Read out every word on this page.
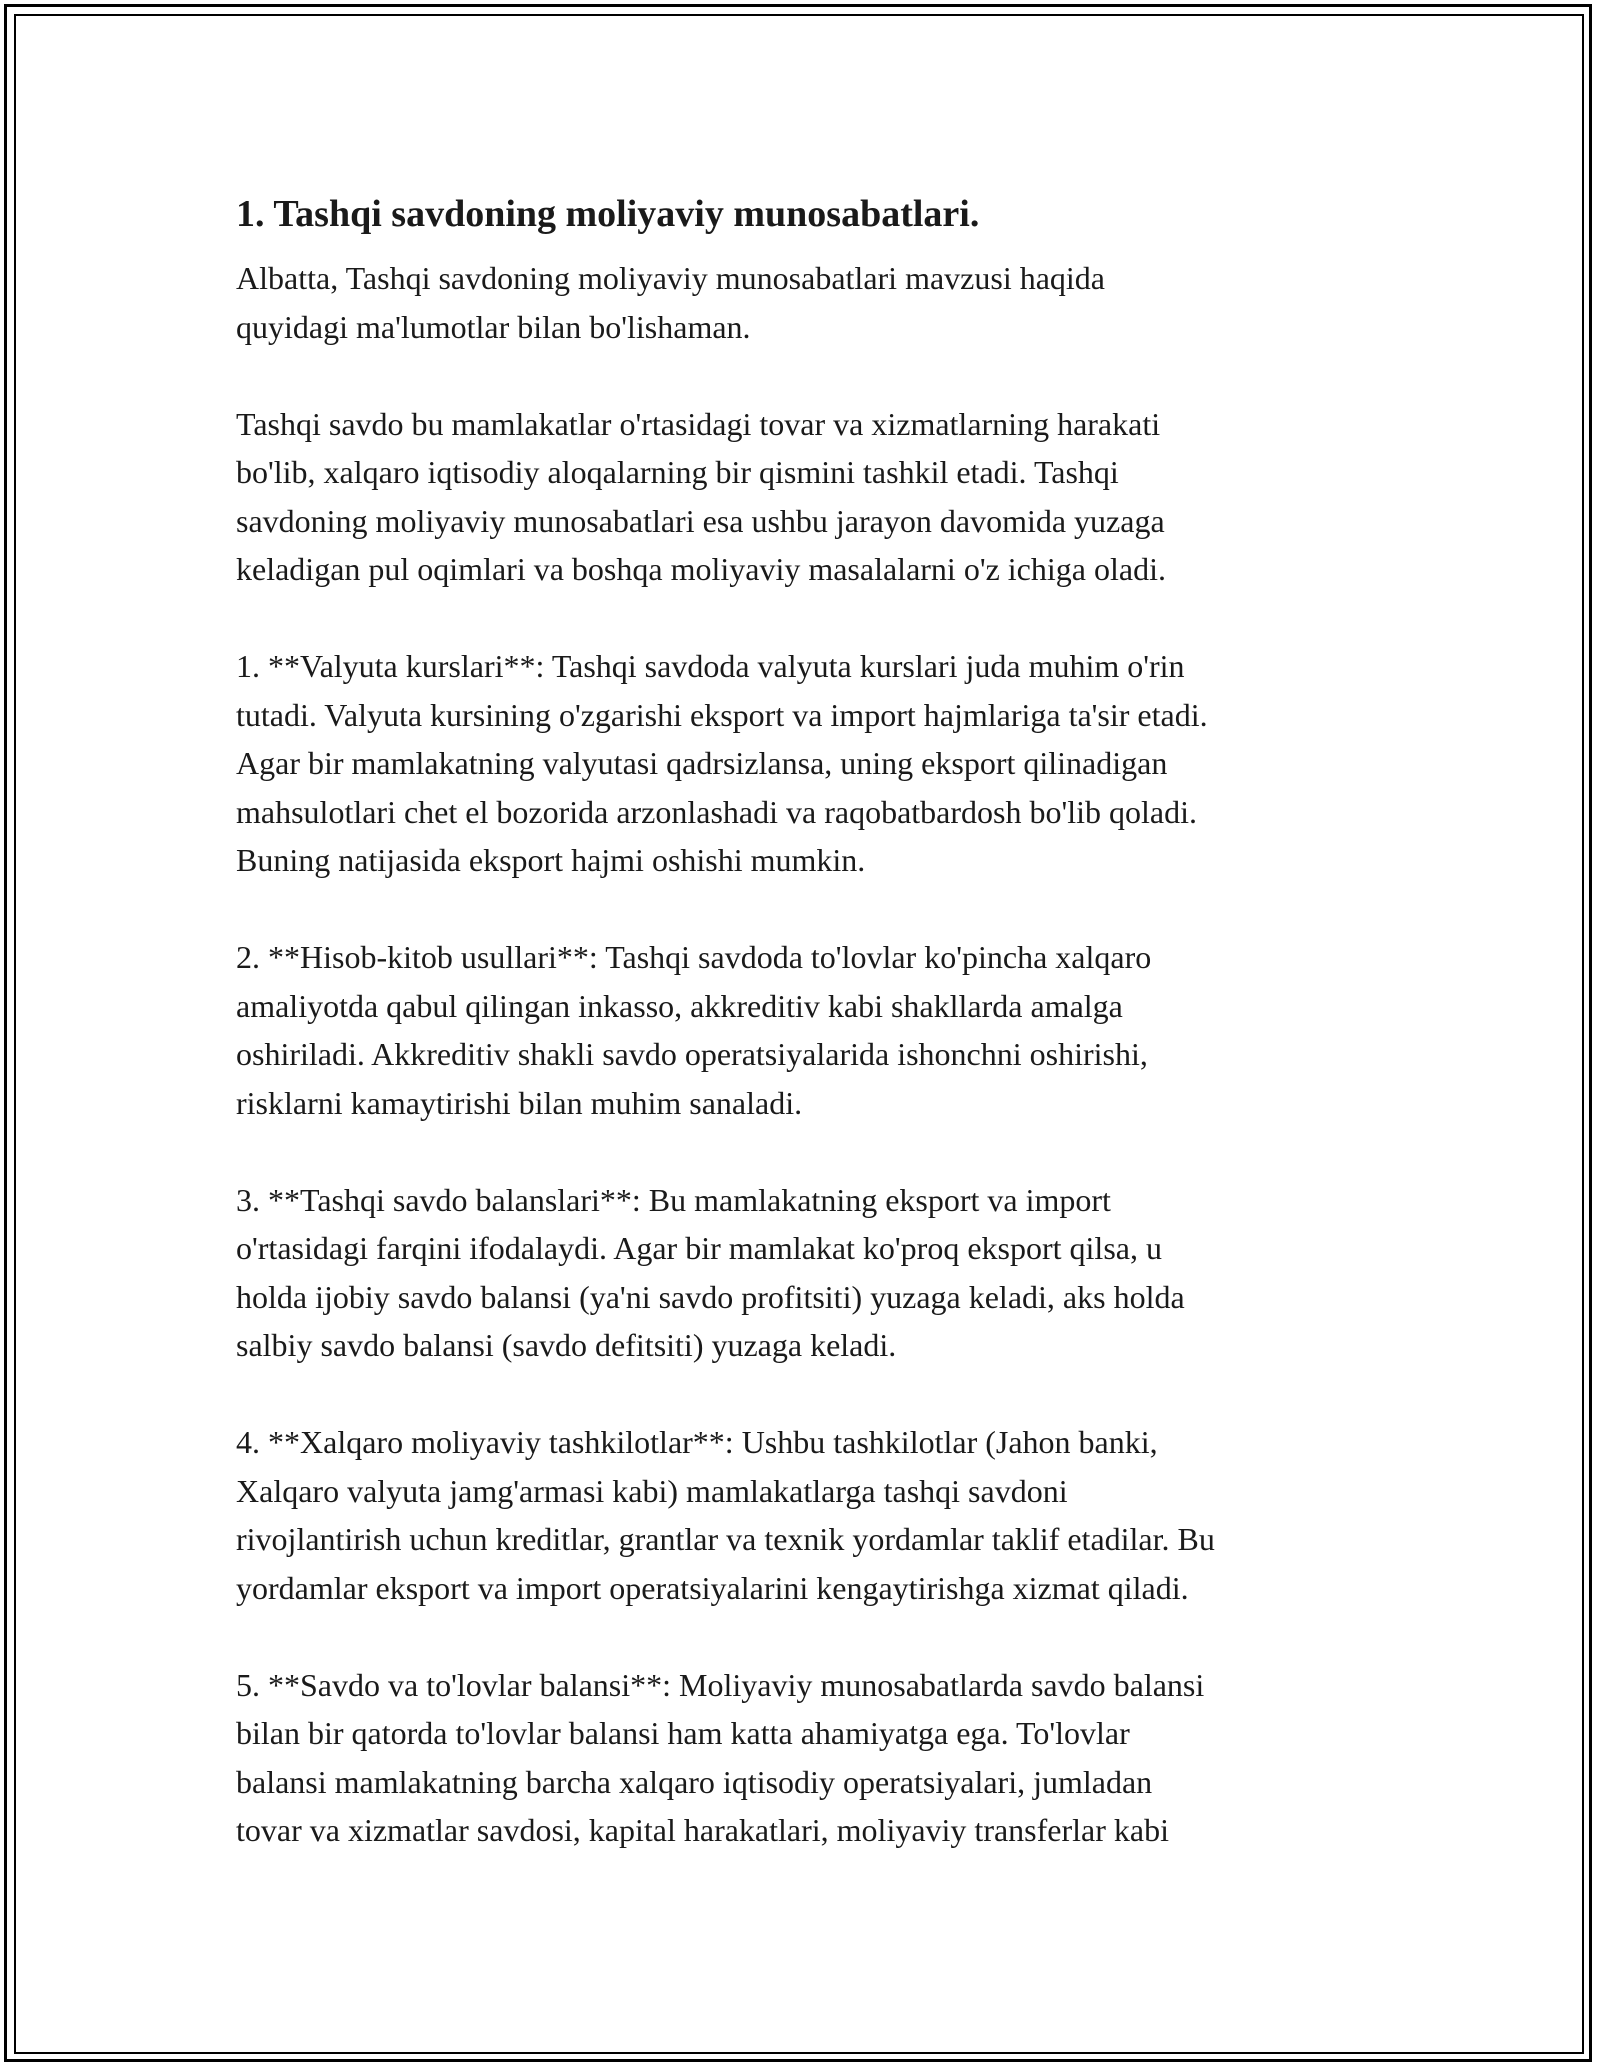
1. Tashqi savdoning moliyaviy munosabatlari.
Albatta, Tashqi savdoning moliyaviy munosabatlari mavzusi haqida
quyidagi ma'lumotlar bilan bo'lishaman.
Tashqi savdo bu mamlakatlar o'rtasidagi tovar va xizmatlarning harakati
bo'lib, xalqaro iqtisodiy aloqalarning bir qismini tashkil etadi. Tashqi
savdoning moliyaviy munosabatlari esa ushbu jarayon davomida yuzaga
keladigan pul oqimlari va boshqa moliyaviy masalalarni o'z ichiga oladi.
1. **Valyuta kurslari**: Tashqi savdoda valyuta kurslari juda muhim o'rin
tutadi. Valyuta kursining o'zgarishi eksport va import hajmlariga ta'sir etadi.
Agar bir mamlakatning valyutasi qadrsizlansa, uning eksport qilinadigan
mahsulotlari chet el bozorida arzonlashadi va raqobatbardosh bo'lib qoladi.
Buning natijasida eksport hajmi oshishi mumkin.
2. **Hisob-kitob usullari**: Tashqi savdoda to'lovlar ko'pincha xalqaro
amaliyotda qabul qilingan inkasso, akkreditiv kabi shakllarda amalga
oshiriladi. Akkreditiv shakli savdo operatsiyalarida ishonchni oshirishi,
risklarni kamaytirishi bilan muhim sanaladi.
3. **Tashqi savdo balanslari**: Bu mamlakatning eksport va import
o'rtasidagi farqini ifodalaydi. Agar bir mamlakat ko'proq eksport qilsa, u
holda ijobiy savdo balansi (ya'ni savdo profitsiti) yuzaga keladi, aks holda
salbiy savdo balansi (savdo defitsiti) yuzaga keladi.
4. **Xalqaro moliyaviy tashkilotlar**: Ushbu tashkilotlar (Jahon banki,
Xalqaro valyuta jamg'armasi kabi) mamlakatlarga tashqi savdoni
rivojlantirish uchun kreditlar, grantlar va texnik yordamlar taklif etadilar. Bu
yordamlar eksport va import operatsiyalarini kengaytirishga xizmat qiladi.
5. **Savdo va to'lovlar balansi**: Moliyaviy munosabatlarda savdo balansi
bilan bir qatorda to'lovlar balansi ham katta ahamiyatga ega. To'lovlar
balansi mamlakatning barcha xalqaro iqtisodiy operatsiyalari, jumladan
tovar va xizmatlar savdosi, kapital harakatlari, moliyaviy transferlar kabi
